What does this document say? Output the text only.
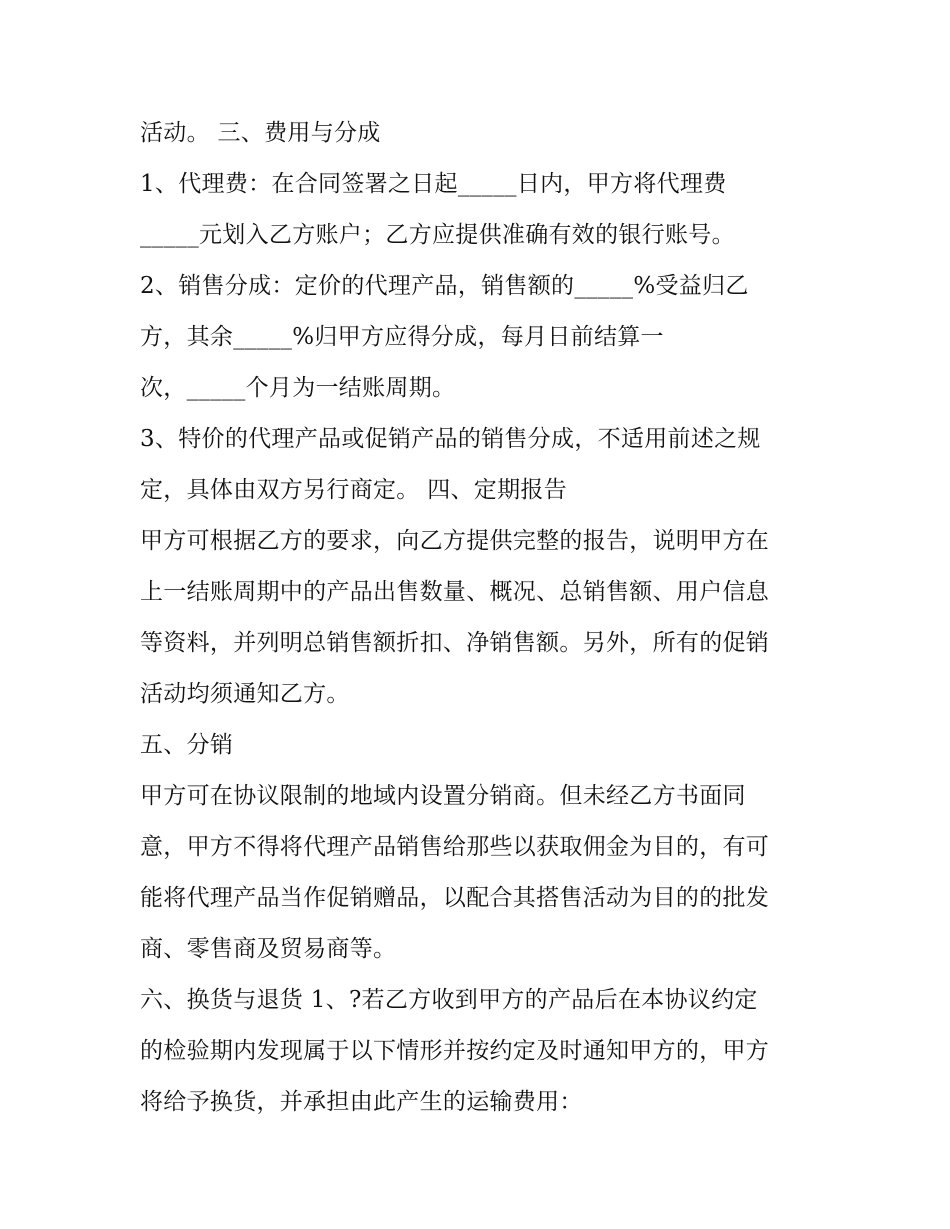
活动。 三、费用与分成
1、代理费：在合同签署之日起_____日内，甲方将代理费
_____元划入乙方账户；乙方应提供准确有效的银行账号。
2、销售分成：定价的代理产品，销售额的_____%受益归乙
方，其余_____%归甲方应得分成，每月日前结算一
次，_____个月为一结账周期。
3、特价的代理产品或促销产品的销售分成，不适用前述之规
定，具体由双方另行商定。 四、定期报告
甲方可根据乙方的要求，向乙方提供完整的报告，说明甲方在
上一结账周期中的产品出售数量、概况、总销售额、用户信息
等资料，并列明总销售额折扣、净销售额。另外，所有的促销
活动均须通知乙方。
五、分销
甲方可在协议限制的地域内设置分销商。但未经乙方书面同
意，甲方不得将代理产品销售给那些以获取佣金为目的，有可
能将代理产品当作促销赠品，以配合其搭售活动为目的的批发
商、零售商及贸易商等。
六、换货与退货 1、?若乙方收到甲方的产品后在本协议约定
的检验期内发现属于以下情形并按约定及时通知甲方的，甲方
将给予换货，并承担由此产生的运输费用：
